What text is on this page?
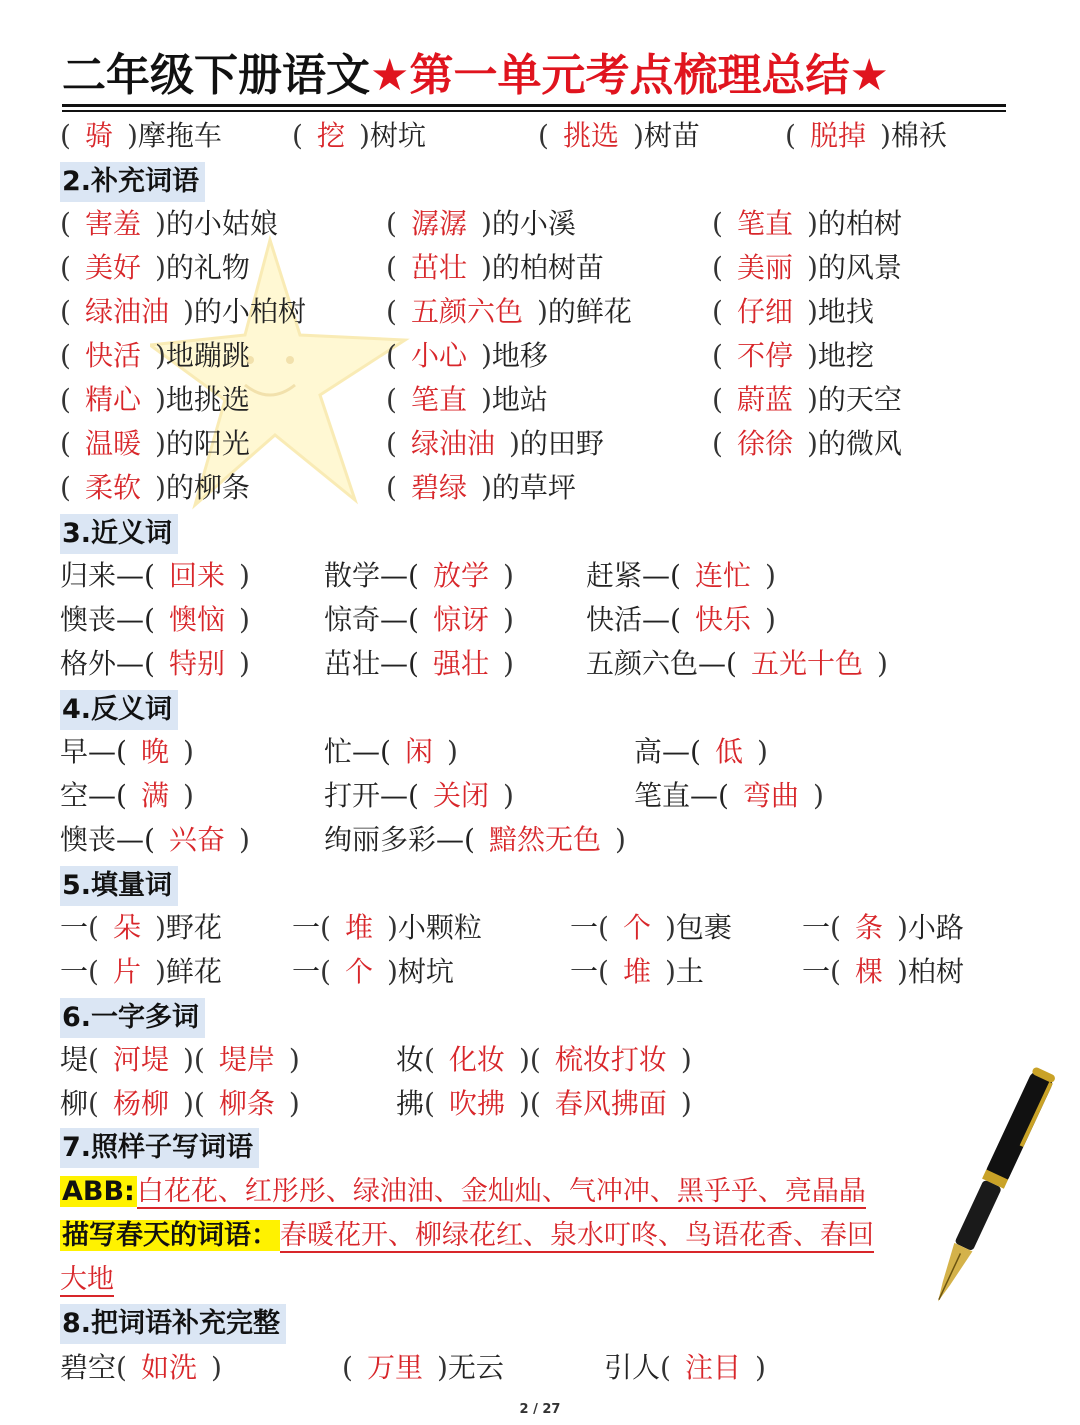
二年级下册语文★第一单元考点梳理总结★
( 骑 )摩拖车	( 挖 )树坑	( 挑选 )树苗	( 脱掉 )棉袄
2.补充词语
( 害羞 )的小姑娘	( 潺潺 )的小溪	( 笔直 )的柏树
( 美好 )的礼物	( 茁壮 )的柏树苗	( 美丽 )的风景
( 绿油油 )的小柏树	( 五颜六色 )的鲜花	( 仔细 )地找
( 快活 )地蹦跳	( 小心 )地移	( 不停 )地挖
( 精心 )地挑选	( 笔直 )地站	( 蔚蓝 )的天空
( 温暖 )的阳光	( 绿油油 )的田野	( 徐徐 )的微风
( 柔软 )的柳条	( 碧绿 )的草坪
3.近义词
归来—( 回来 )	散学—( 放学 )	赶紧—( 连忙 )
懊丧—( 懊恼 )	惊奇—( 惊讶 )	快活—( 快乐 )
格外—( 特别 )	茁壮—( 强壮 )	五颜六色—( 五光十色 )
4.反义词
早—( 晚 )	忙—( 闲 )	高—( 低 )
空—( 满 )	打开—( 关闭 )	笔直—( 弯曲 )
懊丧—( 兴奋 )	绚丽多彩—( 黯然无色 )
5.填量词
一( 朵 )野花	一( 堆 )小颗粒	一( 个 )包裹	一( 条 )小路
一( 片 )鲜花	一( 个 )树坑	一( 堆 )土	一( 棵 )柏树
6.一字多词
堤( 河堤 )( 堤岸 )	妆( 化妆 )( 梳妆打妆 )
柳( 杨柳 )( 柳条 )	拂( 吹拂 )( 春风拂面 )
7.照样子写词语
ABB:白花花、红彤彤、绿油油、金灿灿、气冲冲、黑乎乎、亮晶晶
描写春天的词语：春暖花开、柳绿花红、泉水叮咚、鸟语花香、春回
大地
8.把词语补充完整
碧空( 如洗 )	( 万里 )无云	引人( 注目 )
2 / 27
